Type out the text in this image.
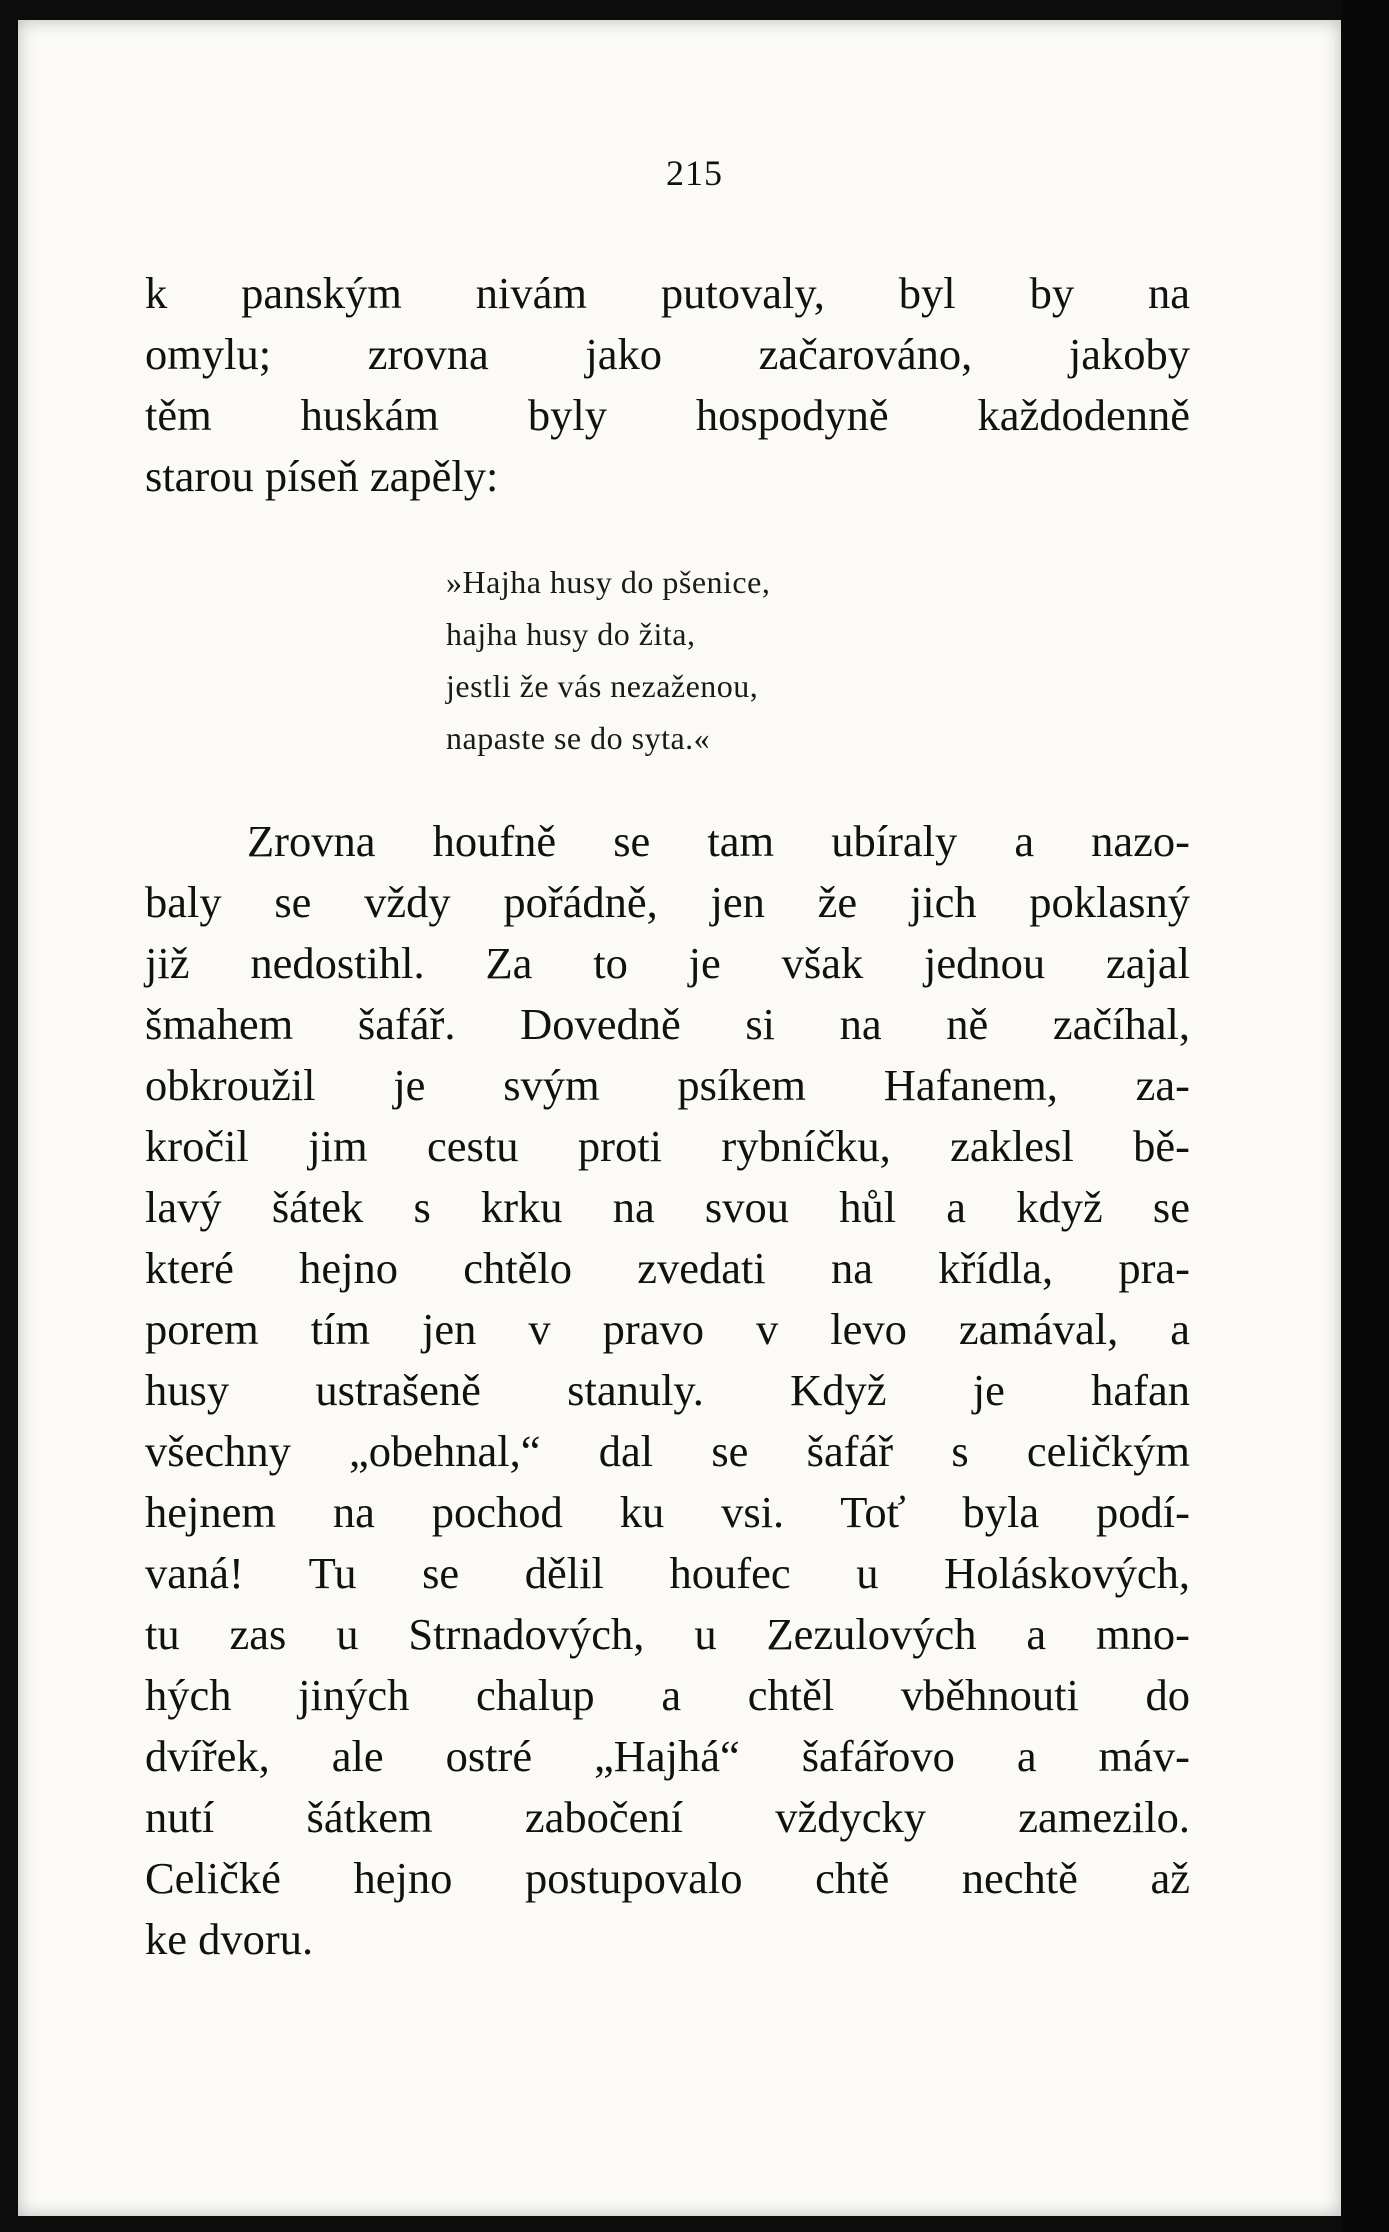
215
k panským nivám putovaly, byl by na
omylu; zrovna jako začarováno, jakoby
těm huskám byly hospodyně každodenně
starou píseň zapěly:
»Hajha husy do pšenice,
hajha husy do žita,
jestli že vás nezaženou,
napaste se do syta.«
Zrovna houfně se tam ubíraly a nazo-
baly se vždy pořádně, jen že jich poklasný
již nedostihl. Za to je však jednou zajal
šmahem šafář. Dovedně si na ně začíhal,
obkroužil je svým psíkem Hafanem, za-
kročil jim cestu proti rybníčku, zaklesl bě-
lavý šátek s krku na svou hůl a když se
které hejno chtělo zvedati na křídla, pra-
porem tím jen v pravo v levo zamával, a
husy ustrašeně stanuly. Když je hafan
všechny „obehnal,“ dal se šafář s celičkým
hejnem na pochod ku vsi. Toť byla podí-
vaná! Tu se dělil houfec u Holáskových,
tu zas u Strnadových, u Zezulových a mno-
hých jiných chalup a chtěl vběhnouti do
dvířek, ale ostré „Hajhá“ šafářovo a máv-
nutí šátkem zabočení vždycky zamezilo.
Celičké hejno postupovalo chtě nechtě až
ke dvoru.
